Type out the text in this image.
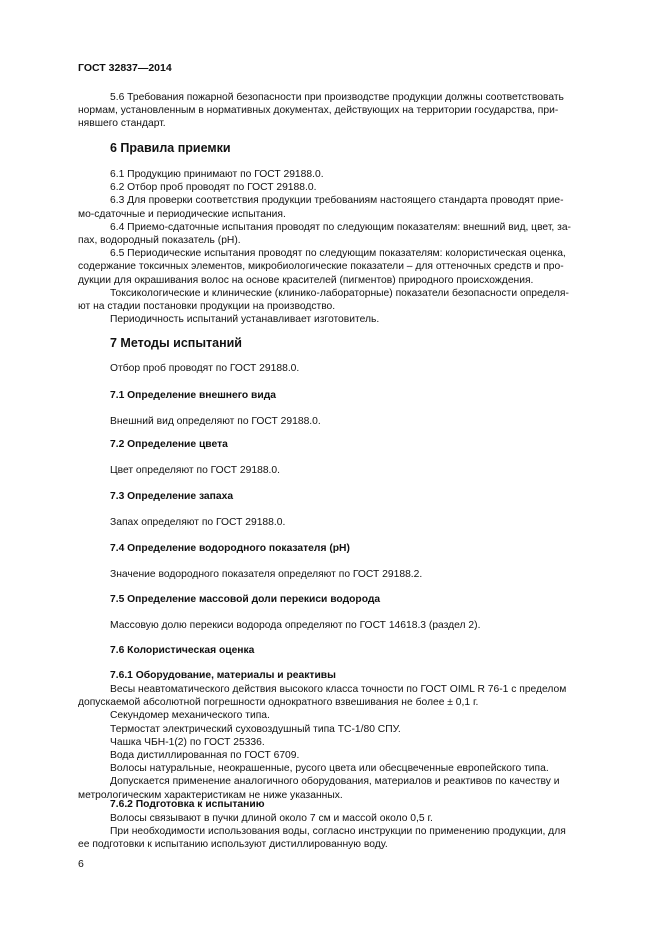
ГОСТ 32837—2014

5.6 Требования пожарной безопасности при производстве продукции должны соответствовать

нормам, установленным в нормативных документах, действующих на территории государства, при-

нявшего стандарт.

6 Правила приемки

6.1 Продукцию принимают по ГОСТ 29188.0.

6.2 Отбор проб проводят по ГОСТ 29188.0.

6.3 Для проверки соответствия продукции требованиям настоящего стандарта проводят прие-

мо-сдаточные и периодические испытания.

6.4 Приемо-сдаточные испытания проводят по следующим показателям: внешний вид, цвет, за-

пах, водородный показатель (pH).

6.5 Периодические испытания проводят по следующим показателям: колористическая оценка,

содержание токсичных элементов, микробиологические показатели – для оттеночных средств и про-

дукции для окрашивания волос на основе красителей (пигментов) природного происхождения.

Токсикологические и клинические (клинико-лабораторные) показатели безопасности определя-

ют на стадии постановки продукции на производство.

Периодичность испытаний устанавливает изготовитель.

7 Методы испытаний
Отбор проб проводят по ГОСТ 29188.0.
7.1 Определение внешнего вида
Внешний вид определяют по ГОСТ 29188.0.
7.2 Определение цвета
Цвет определяют по ГОСТ 29188.0.
7.3 Определение запаха
Запах определяют по ГОСТ 29188.0.
7.4 Определение водородного показателя (pH)
Значение водородного показателя определяют по ГОСТ 29188.2.
7.5 Определение массовой доли перекиси водорода
Массовую долю перекиси водорода определяют по ГОСТ 14618.3 (раздел 2).
7.6 Колористическая оценка
7.6.1 Оборудование, материалы и реактивы

Весы неавтоматического действия высокого класса точности по ГОСТ OIML R 76-1 с пределом

допускаемой абсолютной погрешности однократного взвешивания не более ± 0,1 г.

Секундомер механического типа.

Термостат электрический суховоздушный типа ТС-1/80 СПУ.

Чашка ЧБН-1(2) по ГОСТ 25336.

Вода дистиллированная по ГОСТ 6709.

Волосы натуральные, неокрашенные, русого цвета или обесцвеченные европейского типа.

Допускается применение аналогичного оборудования, материалов и реактивов по качеству и

метрологическим характеристикам не ниже указанных.

7.6.2 Подготовка к испытанию

Волосы связывают в пучки длиной около 7 см и массой около 0,5 г.

При необходимости использования воды, согласно инструкции по применению продукции, для

ее подготовки к испытанию используют дистиллированную воду.

6
